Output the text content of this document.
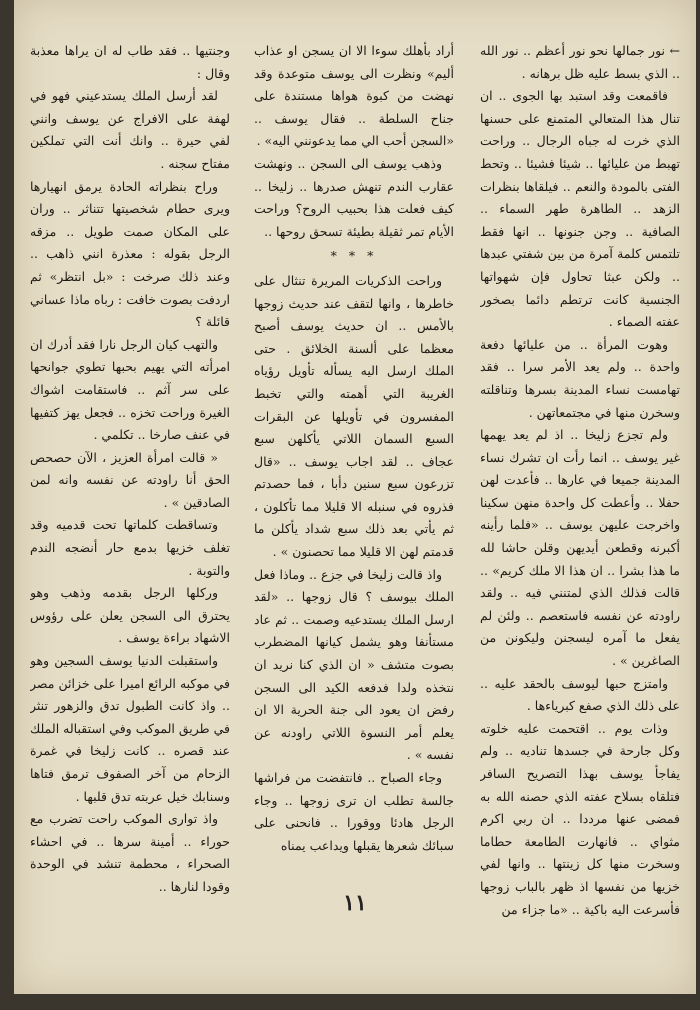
← نور جمالها نحو نور أعظم .. نور الله .. الذي بسط عليه ظل برهانه .

فاقمعت وقد استبد بها الجوى .. ان تنال هذا المتعالي المتمنع على حسنها الذي خرت له جباه الرجال .. وراحت تهبط من عليائها .. شيئا فشيئا .. وتحط الفتى بالمودة والنعم .. فيلقاها بنظرات الزهد .. الطاهرة طهر السماء .. الصافية .. وجن جنونها .. انها فقط تلتمس كلمة آمرة من بين شفتي عبدها .. ولكن عبثا تحاول فإن شهواتها الجنسية كانت ترتطم دائما بصخور عفته الصماء .

وهوت المرأة .. من عليائها دفعة واحدة .. ولم يعد الأمر سرا .. فقد تهامست نساء المدينة بسرها وتناقلته وسخرن منها في مجتمعاتهن .

ولم تجزع زليخا .. اذ لم يعد يهمها غير يوسف .. انما رأت ان تشرك نساء المدينة جميعا في عارها .. فأعدت لهن حفلا .. وأعطت كل واحدة منهن سكينا واخرجت عليهن يوسف .. «فلما رأينه أكبرنه وقطعن أيديهن وقلن حاشا لله ما هذا بشرا .. ان هذا الا ملك كريم» .. قالت فذلك الذي لمتنني فيه .. ولقد راودته عن نفسه فاستعصم .. ولئن لم يفعل ما آمره ليسجنن وليكونن من الصاغرين » .

وامتزج حبها ليوسف بالحقد عليه .. على ذلك الذي صفع كبرياءها .

وذات يوم .. اقتحمت عليه خلوته وكل جارحة في جسدها تناديه .. ولم يفاجأ يوسف بهذا التصريح السافر فتلقاه بسلاح عفته الذي حصنه الله به فمضى عنها مرددا .. ان ربي اكرم مثواي .. فانهارت الطامعة حطاما وسخرت منها كل زينتها .. وانها لفي خزيها من نفسها اذ ظهر بالباب زوجها فأسرعت اليه باكية .. «ما جزاء من

أراد بأهلك سوءا الا ان يسجن او عذاب أليم» ونظرت الى يوسف متوعدة وقد نهضت من كبوة هواها مستندة على جناح السلطة .. فقال يوسف .. «السجن أحب الي مما يدعونني اليه» .

وذهب يوسف الى السجن .. ونهشت عقارب الندم تنهش صدرها .. زليخا .. كيف فعلت هذا بحبيب الروح؟ وراحت الأيام تمر ثقيلة بطيئة تسحق روحها ..

* * *

وراحت الذكريات المريرة تنثال على خاطرها ، وانها لتقف عند حديث زوجها بالأمس .. ان حديث يوسف أصبح معظما على ألسنة الخلائق . حتى الملك ارسل اليه يسأله تأويل رؤياه الغريبة التي أهمته والتي تخبط المفسرون في تأويلها عن البقرات السبع السمان اللاتي يأكلهن سبع عجاف .. لقد اجاب يوسف .. «قال تزرعون سبع سنين دأبا ، فما حصدتم فذروه في سنبله الا قليلا مما تأكلون ، ثم يأتي بعد ذلك سبع شداد يأكلن ما قدمتم لهن الا قليلا مما تحصنون » .

واذ قالت زليخا في جزع .. وماذا فعل الملك بيوسف ؟ قال زوجها .. «لقد ارسل الملك يستدعيه وصمت .. ثم عاد مستأنفا وهو يشمل كيانها المضطرب بصوت متشف « ان الذي كنا نريد ان نتخذه ولدا فدفعه الكيد الى السجن رفض ان يعود الى جنة الحرية الا ان يعلم أمر النسوة اللاتي راودنه عن نفسه » .

وجاء الصباح .. فانتفضت من فراشها جالسة تطلب ان ترى زوجها .. وجاء الرجل هادئا ووقورا .. فانحنى على سبائك شعرها يقبلها ويداعب يمناه

وجنتيها .. فقد طاب له ان يراها معذبة وقال :

لقد أرسل الملك يستدعيني فهو في لهفة على الافراج عن يوسف وانني لفي حيرة .. وانك أنت التي تملكين مفتاح سجنه .

وراح بنظراته الحادة يرمق انهيارها ويرى حطام شخصيتها تتناثر .. وران على المكان صمت طويل .. مزقه الرجل بقوله : معذرة انني ذاهب .. وعند ذلك صرخت : «بل انتظر» ثم اردفت بصوت خافت : رباه ماذا عساني قائلة ؟

والتهب كيان الرجل نارا فقد أدرك ان امرأته التي يهيم بحبها تطوي جوانحها على سر آثم .. فاستقامت اشواك الغيرة وراحت تخزه .. فجعل يهز كتفيها في عنف صارخا .. تكلمي .

« قالت امرأة العزيز ، الآن حصحص الحق أنا راودته عن نفسه وانه لمن الصادقين » .

وتساقطت كلماتها تحت قدميه وقد تغلف خزيها بدمع حار أنضجه الندم والتوبة .

وركلها الرجل بقدمه وذهب وهو يحترق الى السجن يعلن على رؤوس الاشهاد براءة يوسف .

واستقبلت الدنيا يوسف السجين وهو في موكبه الرائع اميرا على خزائن مصر .. واذ كانت الطبول تدق والزهور تنثر في طريق الموكب وفي استقباله الملك عند قصره .. كانت زليخا في غمرة الزحام من آخر الصفوف ترمق فتاها وسنابك خيل عربته تدق قلبها .

واذ توارى الموكب راحت تضرب مع حوراء .. أمينة سرها .. في احشاء الصحراء ، محطمة تنشد في الوحدة وقودا لنارها ..

١١
